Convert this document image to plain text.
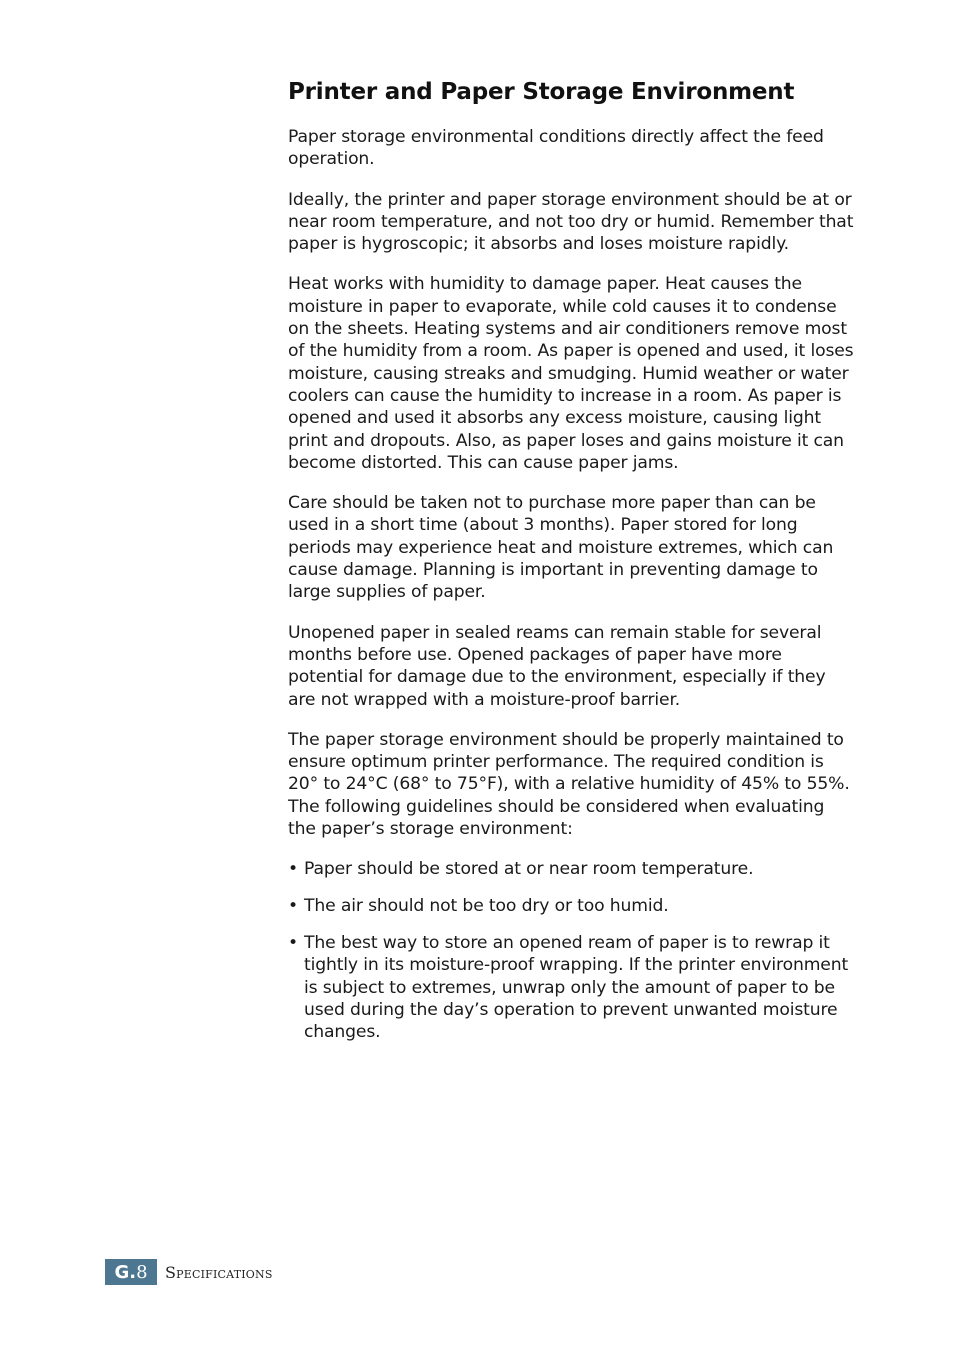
Printer and Paper Storage Environment

Paper storage environmental conditions directly affect the feed operation.

Ideally, the printer and paper storage environment should be at or near room temperature, and not too dry or humid. Remember that paper is hygroscopic; it absorbs and loses moisture rapidly.

Heat works with humidity to damage paper. Heat causes the moisture in paper to evaporate, while cold causes it to condense on the sheets. Heating systems and air conditioners remove most of the humidity from a room. As paper is opened and used, it loses moisture, causing streaks and smudging. Humid weather or water coolers can cause the humidity to increase in a room. As paper is opened and used it absorbs any excess moisture, causing light print and dropouts. Also, as paper loses and gains moisture it can become distorted. This can cause paper jams.

Care should be taken not to purchase more paper than can be used in a short time (about 3 months). Paper stored for long periods may experience heat and moisture extremes, which can cause damage. Planning is important in preventing damage to large supplies of paper.

Unopened paper in sealed reams can remain stable for several months before use. Opened packages of paper have more potential for damage due to the environment, especially if they are not wrapped with a moisture-proof barrier.

The paper storage environment should be properly maintained to ensure optimum printer performance. The required condition is 20° to 24°C (68° to 75°F), with a relative humidity of 45% to 55%. The following guidelines should be considered when evaluating the paper’s storage environment:

• Paper should be stored at or near room temperature.
• The air should not be too dry or too humid.
• The best way to store an opened ream of paper is to rewrap it tightly in its moisture-proof wrapping. If the printer environment is subject to extremes, unwrap only the amount of paper to be used during the day’s operation to prevent unwanted moisture changes.
G. 8 Specifications
